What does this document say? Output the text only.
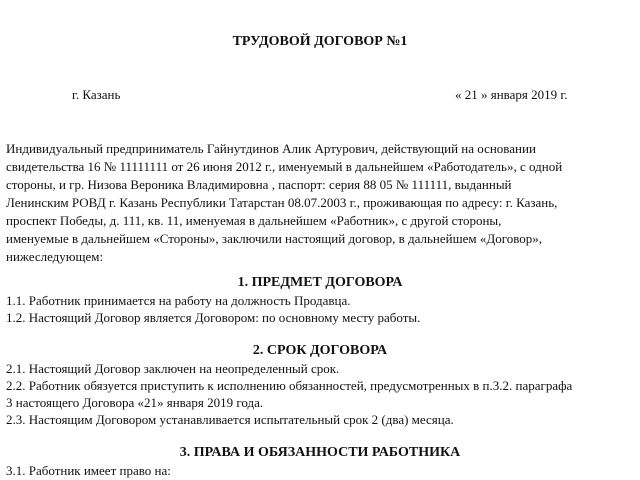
ТРУДОВОЙ ДОГОВОР №1
г. Казань	« 21 » января 2019 г.
Индивидуальный предприниматель Гайнутдинов Алик Артурович, действующий на основании
свидетельства 16 № 11111111 от 26 июня 2012 г., именуемый в дальнейшем «Работодатель», с одной
стороны, и гр. Низова Вероника Владимировна , паспорт: серия 88 05 № 111111, выданный
Ленинским РОВД г. Казань Республики Татарстан 08.07.2003 г., проживающая по адресу: г. Казань,
проспект Победы, д. 111, кв. 11, именуемая в дальнейшем «Работник», с другой стороны,
именуемые в дальнейшем «Стороны», заключили настоящий договор, в дальнейшем «Договор»,
нижеследующем:
1. ПРЕДМЕТ ДОГОВОРА
1.1. Работник принимается на работу на должность Продавца.
1.2. Настоящий Договор является Договором: по основному месту работы.
2. СРОК ДОГОВОРА
2.1. Настоящий Договор заключен на неопределенный срок.
2.2. Работник обязуется приступить к исполнению обязанностей, предусмотренных в п.3.2. параграфа
3 настоящего Договора «21» января 2019 года.
2.3. Настоящим Договором устанавливается испытательный срок 2 (два) месяца.
3. ПРАВА И ОБЯЗАННОСТИ РАБОТНИКА
3.1. Работник имеет право на:
